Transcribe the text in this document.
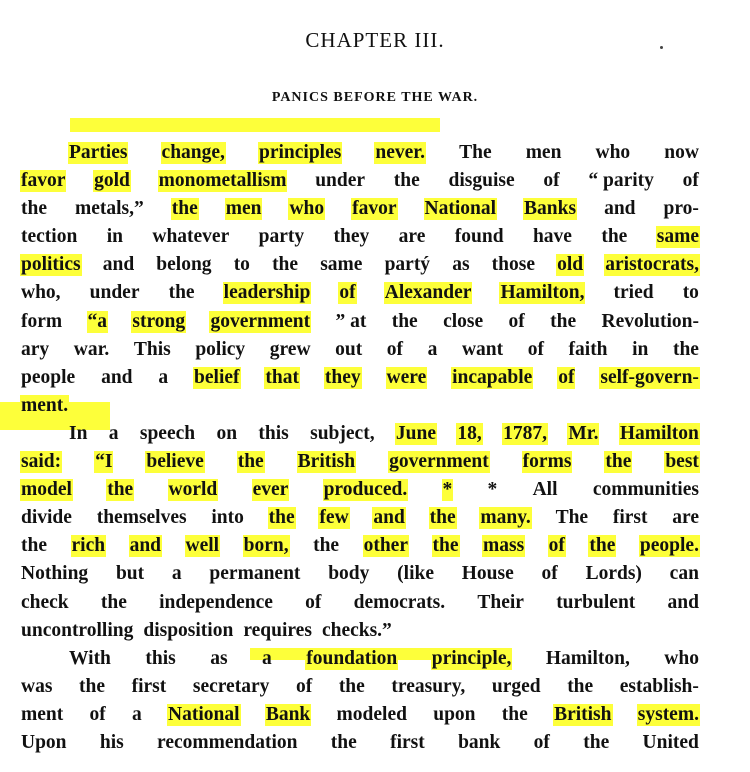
CHAPTER III.
PANICS BEFORE THE WAR.
Parties change, principles never. The men who now
favor gold monometallism under the disguise of “ parity of
the metals,” the men who favor National Banks and pro-
tection in whatever party they are found have the same
politics and belong to the same partý as those old aristocrats,
who, under the leadership of Alexander Hamilton, tried to
form “a strong government ” at the close of the Revolution-
ary war. This policy grew out of a want of faith in the
people and a belief that they were incapable of self-govern-
ment.
In a speech on this subject, June 18, 1787, Mr. Hamilton
said: “I believe the British government forms the best
model the world ever produced. * * All communities
divide themselves into the few and the many. The first are
the rich and well born, the other the mass of the people.
Nothing but a permanent body (like House of Lords) can
check the independence of democrats. Their turbulent and
uncontrolling disposition requires checks.”
With this as a foundation principle, Hamilton, who
was the first secretary of the treasury, urged the establish-
ment of a National Bank modeled upon the British system.
Upon his recommendation the first bank of the United
